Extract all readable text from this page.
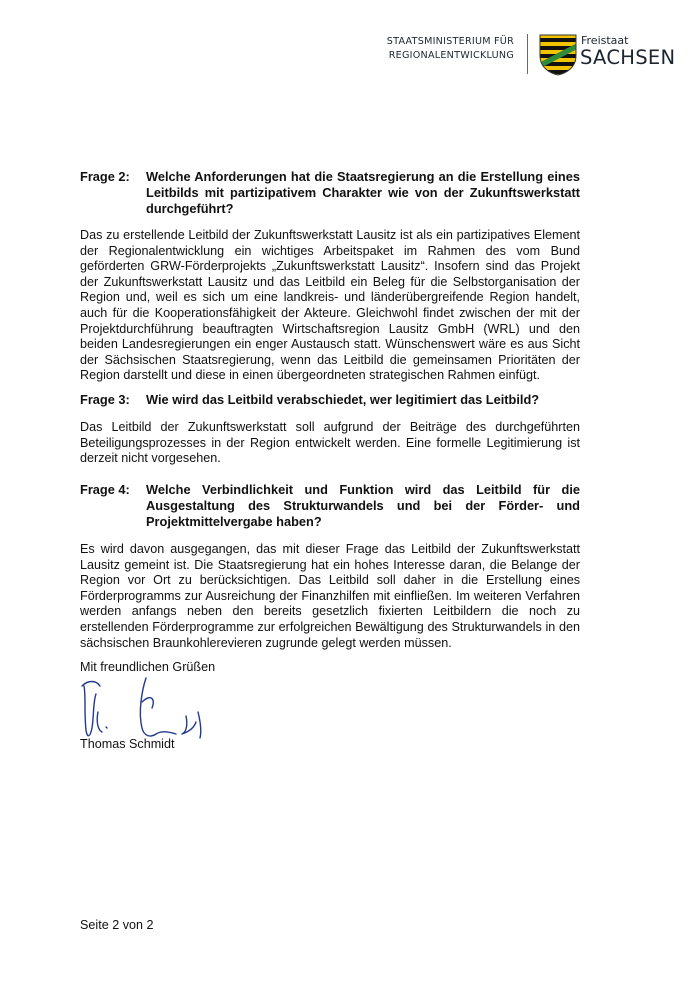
STAATSMINISTERIUM FÜR
REGIONALENTWICKLUNG
Freistaat
SACHSEN
Frage 2:	Welche Anforderungen hat die Staatsregierung an die Erstellung eines Leitbilds mit partizipativem Charakter wie von der Zukunftswerkstatt durchgeführt?
Das zu erstellende Leitbild der Zukunftswerkstatt Lausitz ist als ein partizipatives Element der Regionalentwicklung ein wichtiges Arbeitspaket im Rahmen des vom Bund geförderten GRW-Förderprojekts „Zukunftswerkstatt Lausitz“. Insofern sind das Projekt der Zukunftswerkstatt Lausitz und das Leitbild ein Beleg für die Selbstorganisation der Region und, weil es sich um eine landkreis- und länderübergreifende Region handelt, auch für die Kooperationsfähigkeit der Akteure. Gleichwohl findet zwischen der mit der Projektdurchführung beauftragten Wirtschaftsregion Lausitz GmbH (WRL) und den beiden Landesregierungen ein enger Austausch statt. Wünschenswert wäre es aus Sicht der Sächsischen Staatsregierung, wenn das Leitbild die gemeinsamen Prioritäten der Region darstellt und diese in einen übergeordneten strategischen Rahmen einfügt.
Frage 3:	Wie wird das Leitbild verabschiedet, wer legitimiert das Leitbild?
Das Leitbild der Zukunftswerkstatt soll aufgrund der Beiträge des durchgeführten Beteiligungsprozesses in der Region entwickelt werden. Eine formelle Legitimierung ist derzeit nicht vorgesehen.
Frage 4:	Welche Verbindlichkeit und Funktion wird das Leitbild für die Ausgestaltung des Strukturwandels und bei der Förder- und Projektmittelvergabe haben?
Es wird davon ausgegangen, das mit dieser Frage das Leitbild der Zukunftswerkstatt Lausitz gemeint ist. Die Staatsregierung hat ein hohes Interesse daran, die Belange der Region vor Ort zu berücksichtigen. Das Leitbild soll daher in die Erstellung eines Förderprogramms zur Ausreichung der Finanzhilfen mit einfließen. Im weiteren Verfahren werden anfangs neben den bereits gesetzlich fixierten Leitbildern die noch zu erstellenden Förderprogramme zur erfolgreichen Bewältigung des Strukturwandels in den sächsischen Braunkohlerevieren zugrunde gelegt werden müssen.
Mit freundlichen Grüßen
Thomas Schmidt
Seite 2 von 2
